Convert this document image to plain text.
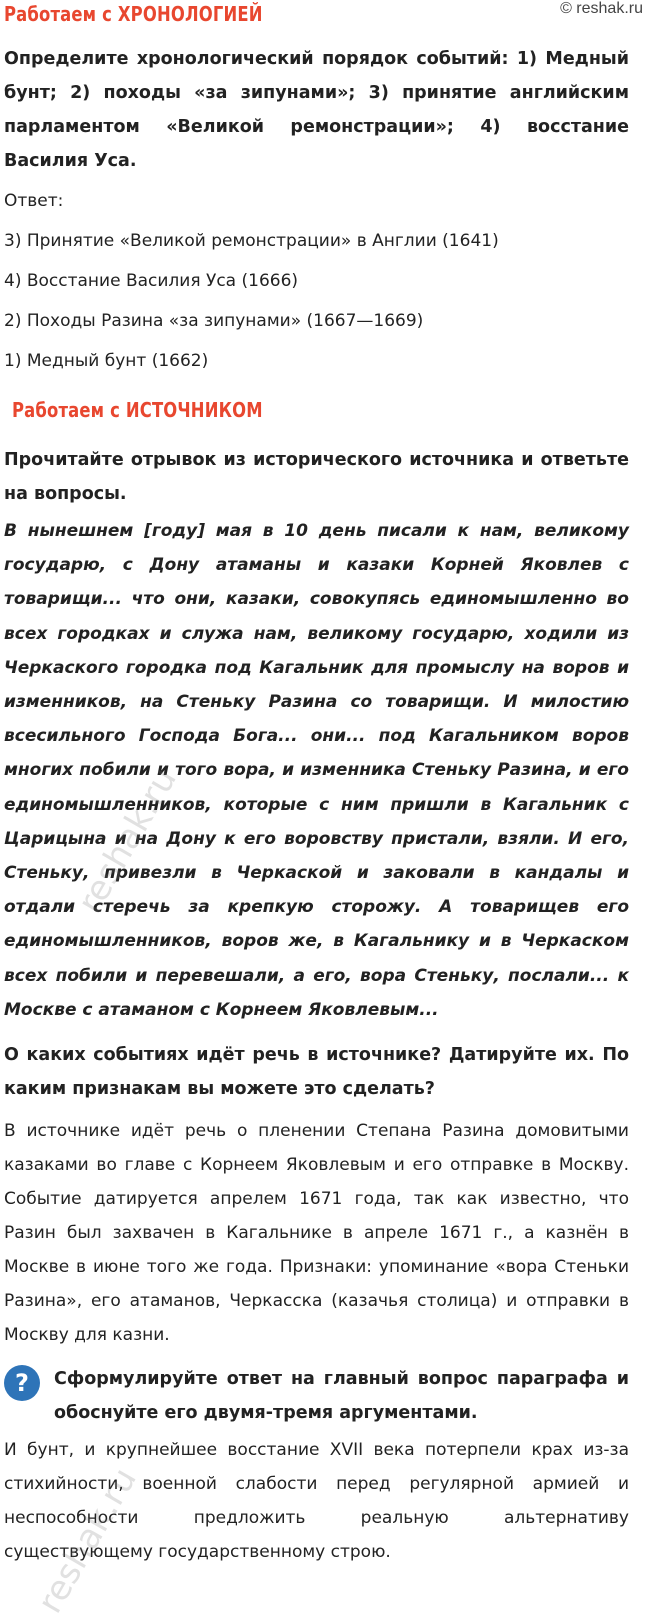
© reshak.ru
Работаем с ХРОНОЛОГИЕЙ
Определите хронологический порядок событий: 1) Медный бунт; 2) походы «за зипунами»; 3) принятие английским парламентом «Великой ремонстрации»; 4) восстание Василия Уса.
Ответ:
3) Принятие «Великой ремонстрации» в Англии (1641)
4) Восстание Василия Уса (1666)
2) Походы Разина «за зипунами» (1667—1669)
1) Медный бунт (1662)
Работаем с ИСТОЧНИКОМ
Прочитайте отрывок из исторического источника и ответьте на вопросы.
В нынешнем [году] мая в 10 день писали к нам, великому государю, с Дону атаманы и казаки Корней Яковлев с товарищи... что они, казаки, совокупясь единомышленно во всех городках и служа нам, великому государю, ходили из Черкаского городка под Кагальник для промыслу на воров и изменников, на Стеньку Разина со товарищи. И милостию всесильного Господа Бога... они... под Кагальником воров многих побили и того вора, и изменника Стеньку Разина, и его единомышленников, которые с ним пришли в Кагальник с Царицына и на Дону к его воровству пристали, взяли. И его, Стеньку, привезли в Черкаской и заковали в кандалы и отдали стеречь за крепкую сторожу. А товарищев его единомышленников, воров же, в Кагальнику и в Черкаском всех побили и перевешали, а его, вора Стеньку, послали... к Москве с атаманом с Корнеем Яковлевым...
О каких событиях идёт речь в источнике? Датируйте их. По каким признакам вы можете это сделать?
В источнике идёт речь о пленении Степана Разина домовитыми казаками во главе с Корнеем Яковлевым и его отправке в Москву. Событие датируется апрелем 1671 года, так как известно, что Разин был захвачен в Кагальнике в апреле 1671 г., а казнён в Москве в июне того же года. Признаки: упоминание «вора Стеньки Разина», его атаманов, Черкасска (казачья столица) и отправки в Москву для казни.
? Сформулируйте ответ на главный вопрос параграфа и обоснуйте его двумя-тремя аргументами.
И бунт, и крупнейшее восстание XVII века потерпели крах из-за стихийности, военной слабости перед регулярной армией и неспособности предложить реальную альтернативу существующему государственному строю.
reshak.ru
reshak.ru
